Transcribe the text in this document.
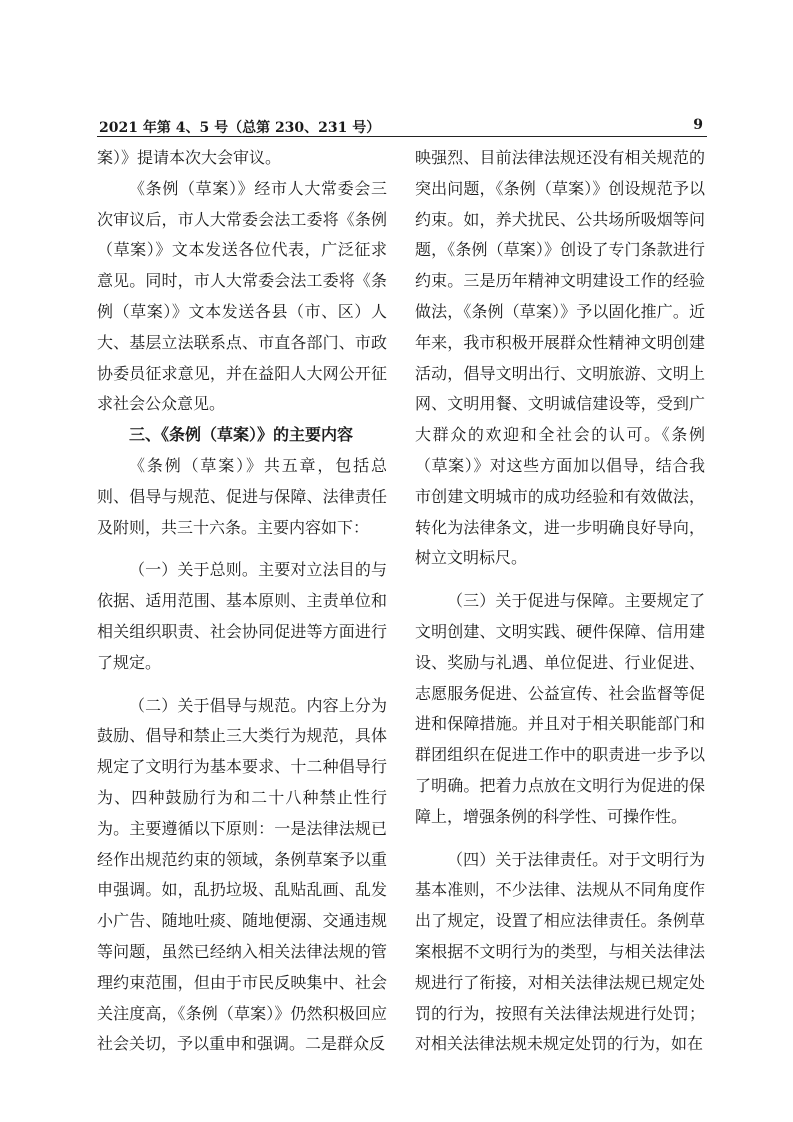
2021 年第 4、5 号（总第 230、231 号）	9

案）》提请本次大会审议。

《条例（草案）》经市人大常委会三次审议后，市人大常委会法工委将《条例（草案）》文本发送各位代表，广泛征求意见。同时，市人大常委会法工委将《条例（草案）》文本发送各县（市、区）人大、基层立法联系点、市直各部门、市政协委员征求意见，并在益阳人大网公开征求社会公众意见。

三、《条例（草案）》的主要内容

《条例（草案）》共五章，包括总则、倡导与规范、促进与保障、法律责任及附则，共三十六条。主要内容如下：

（一）关于总则。主要对立法目的与依据、适用范围、基本原则、主责单位和相关组织职责、社会协同促进等方面进行了规定。

（二）关于倡导与规范。内容上分为鼓励、倡导和禁止三大类行为规范，具体规定了文明行为基本要求、十二种倡导行为、四种鼓励行为和二十八种禁止性行为。主要遵循以下原则：一是法律法规已经作出规范约束的领域，条例草案予以重申强调。如，乱扔垃圾、乱贴乱画、乱发小广告、随地吐痰、随地便溺、交通违规等问题，虽然已经纳入相关法律法规的管理约束范围，但由于市民反映集中、社会关注度高，《条例（草案）》仍然积极回应社会关切，予以重申和强调。二是群众反

映强烈、目前法律法规还没有相关规范的突出问题，《条例（草案）》创设规范予以约束。如，养犬扰民、公共场所吸烟等问题，《条例（草案）》创设了专门条款进行约束。三是历年精神文明建设工作的经验做法，《条例（草案）》予以固化推广。近年来，我市积极开展群众性精神文明创建活动，倡导文明出行、文明旅游、文明上网、文明用餐、文明诚信建设等，受到广大群众的欢迎和全社会的认可。《条例（草案）》对这些方面加以倡导，结合我市创建文明城市的成功经验和有效做法，转化为法律条文，进一步明确良好导向，树立文明标尺。

（三）关于促进与保障。主要规定了文明创建、文明实践、硬件保障、信用建设、奖励与礼遇、单位促进、行业促进、志愿服务促进、公益宣传、社会监督等促进和保障措施。并且对于相关职能部门和群团组织在促进工作中的职责进一步予以了明确。把着力点放在文明行为促进的保障上，增强条例的科学性、可操作性。

（四）关于法律责任。对于文明行为基本准则，不少法律、法规从不同角度作出了规定，设置了相应法律责任。条例草案根据不文明行为的类型，与相关法律法规进行了衔接，对相关法律法规已规定处罚的行为，按照有关法律法规进行处罚；对相关法律法规未规定处罚的行为，如在
